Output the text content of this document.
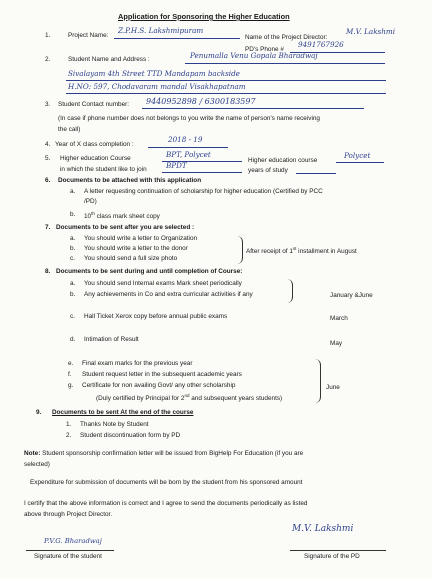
Application for Sponsoring the Higher Education
1.	Project Name:
Z.P.H.S. Lakshmipuram
Name of the Project Director:
M.V. Lakshmi
PD's Phone #
9491767926
2.	Student Name and Address :	Penumalla Venu Gopala Bharadwaj
Sivalayam 4th Street TTD Mandapam backside
H.NO: 597, Chodavaram mandal Visakhapatnam
3. Student Contact number: 9440952898 / 6300183597
(In case if phone number does not belongs to you write the name of person's name receiving
the call)
4. Year of X class completion :
2018 - 19
5. Higher education Course
in which the student like to join
BPT, Polycet
BPDT
Higher education course
Polycet
years of study
6. Documents to be attached with this application
a. A letter requesting continuation of scholarship for higher education (Certified by PCC
/PD)
b. 10th class mark sheet copy
7. Documents to be sent after you are selected :
a. You should write a letter to Organization
b. You should write a letter to the donor
c. You should send a full size photo
After receipt of 1st installment in August
8. Documents to be sent during and until completion of Course:
a. You should send Internal exams Mark sheet periodically
b. Any achievements in Co and extra curricular activities if any	January &June
c. Hall Ticket Xerox copy before annual public exams	March
d. Intimation of Result
May
e. Final exam marks for the previous year
f. Student request letter in the subsequent academic years
g. Certificate for non availing Govt/ any other scholarship
(Duly certified by Principal for 2nd and subsequent years students)
June
9. Documents to be sent At the end of the course
1. Thanks Note by Student
2. Student discontinuation form by PD
Note: Student sponsorship confirmation letter will be issued from BigHelp For Education (if you are
selected)
Expenditure for submission of documents will be born by the student from his sponsored amount
I certify that the above information is correct and I agree to send the documents periodically as listed
above through Project Director.
P.V.G. Bharadwaj
Signature of the student
M.V. Lakshmi
Signature of the PD
